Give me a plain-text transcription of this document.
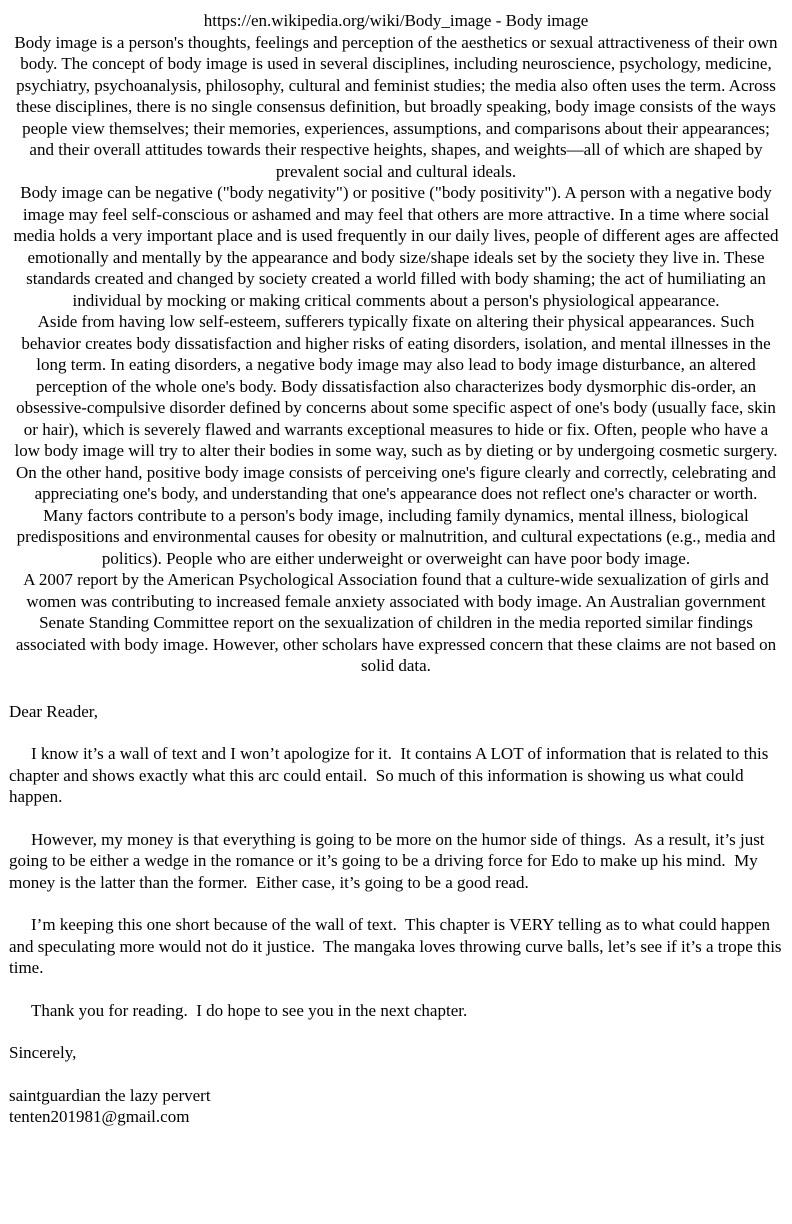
https://en.wikipedia.org/wiki/Body_image - Body image

Body image is a person's thoughts, feelings and perception of the aesthetics or sexual attractiveness of their own body. The concept of body image is used in several disciplines, including neuroscience, psychology, medicine, psychiatry, psychoanalysis, philosophy, cultural and feminist studies; the media also often uses the term. Across these disciplines, there is no single consensus definition, but broadly speaking, body image consists of the ways people view themselves; their memories, experiences, assumptions, and comparisons about their appearances; and their overall attitudes towards their respective heights, shapes, and weights—all of which are shaped by prevalent social and cultural ideals.

Body image can be negative ("body negativity") or positive ("body positivity"). A person with a negative body image may feel self-conscious or ashamed and may feel that others are more attractive. In a time where social media holds a very important place and is used frequently in our daily lives, people of different ages are affected emotionally and mentally by the appearance and body size/shape ideals set by the society they live in. These standards created and changed by society created a world filled with body shaming; the act of humiliating an individual by mocking or making critical comments about a person's physiological appearance.

Aside from having low self-esteem, sufferers typically fixate on altering their physical appearances. Such behavior creates body dissatisfaction and higher risks of eating disorders, isolation, and mental illnesses in the long term. In eating disorders, a negative body image may also lead to body image disturbance, an altered perception of the whole one's body. Body dissatisfaction also characterizes body dysmorphic dis-order, an obsessive-compulsive disorder defined by concerns about some specific aspect of one's body (usually face, skin or hair), which is severely flawed and warrants exceptional measures to hide or fix. Often, people who have a low body image will try to alter their bodies in some way, such as by dieting or by undergoing cosmetic surgery. On the other hand, positive body image consists of perceiving one's figure clearly and correctly, celebrating and appreciating one's body, and understanding that one's appearance does not reflect one's character or worth.

Many factors contribute to a person's body image, including family dynamics, mental illness, biological predispositions and environmental causes for obesity or malnutrition, and cultural expectations (e.g., media and politics). People who are either underweight or overweight can have poor body image.

A 2007 report by the American Psychological Association found that a culture-wide sexualization of girls and women was contributing to increased female anxiety associated with body image. An Australian government Senate Standing Committee report on the sexualization of children in the media reported similar findings associated with body image. However, other scholars have expressed concern that these claims are not based on solid data.

Dear Reader,

I know it’s a wall of text and I won’t apologize for it.  It contains A LOT of information that is related to this chapter and shows exactly what this arc could entail.  So much of this information is showing us what could happen.

However, my money is that everything is going to be more on the humor side of things.  As a result, it’s just going to be either a wedge in the romance or it’s going to be a driving force for Edo to make up his mind.  My money is the latter than the former.  Either case, it’s going to be a good read.

I’m keeping this one short because of the wall of text.  This chapter is VERY telling as to what could happen and speculating more would not do it justice.  The mangaka loves throwing curve balls, let’s see if it’s a trope this time.

Thank you for reading.  I do hope to see you in the next chapter.

Sincerely,

saintguardian the lazy pervert

tenten201981@gmail.com
